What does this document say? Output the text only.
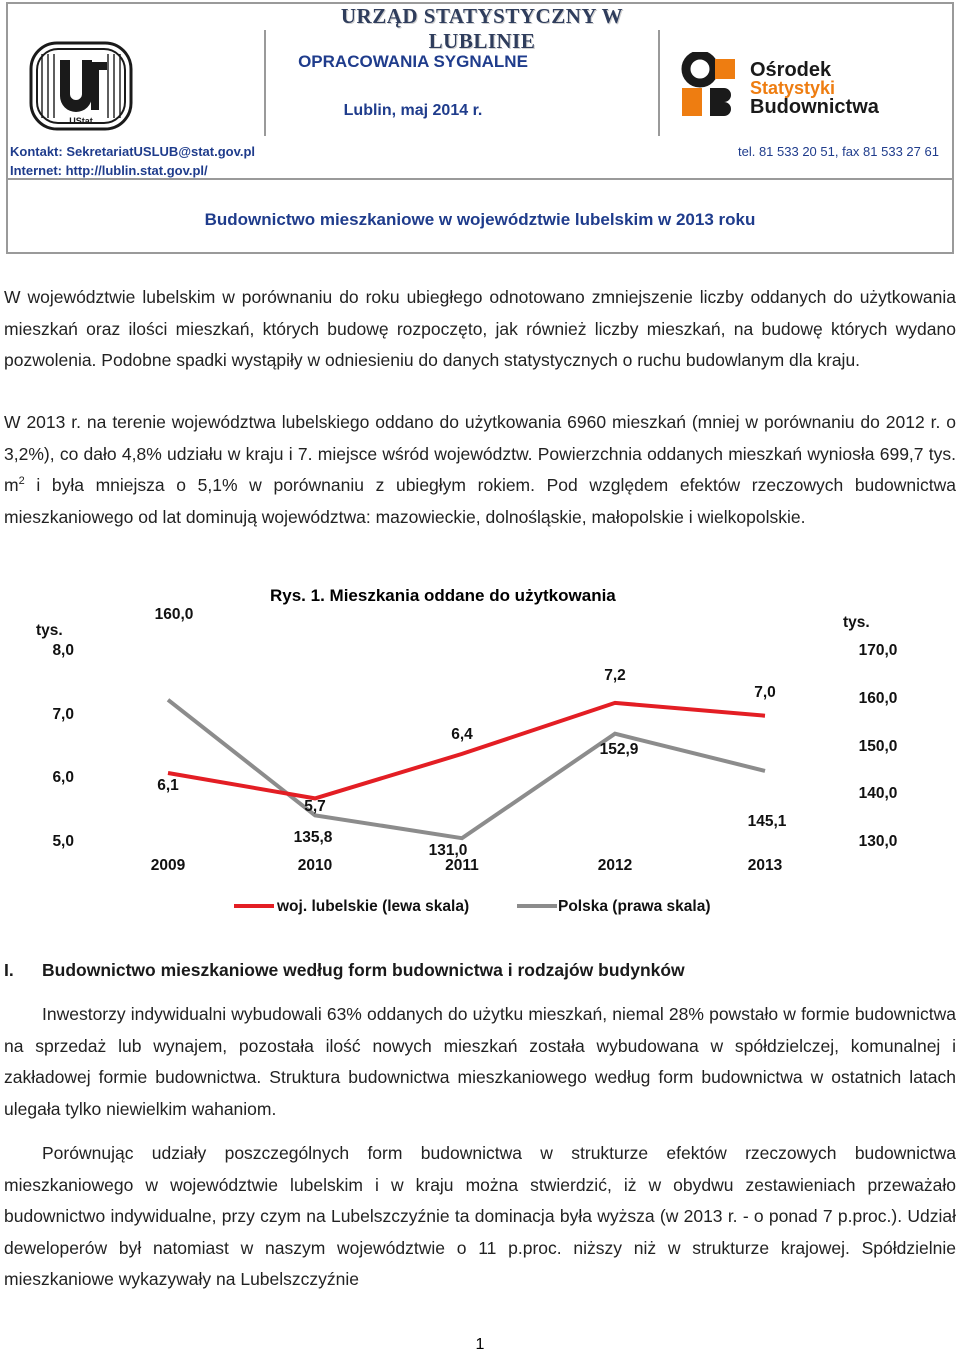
URZĄD STATYSTYCZNY W LUBLINIE
UStat
OPRACOWANIA SYGNALNE
Lublin, maj 2014 r.
Ośrodek
Statystyki
Budownictwa
Kontakt: SekretariatUSLUB@stat.gov.pl
Internet: http://lublin.stat.gov.pl/
tel. 81 533 20 51, fax 81 533 27 61
Budownictwo mieszkaniowe w województwie lubelskim w 2013 roku
W województwie lubelskim w porównaniu do roku ubiegłego odnotowano zmniejszenie liczby oddanych do użytkowania mieszkań oraz ilości mieszkań, których budowę rozpoczęto, jak również liczby mieszkań, na budowę których wydano pozwolenia. Podobne spadki wystąpiły w odniesieniu do danych statystycznych o ruchu budowlanym dla kraju.
W 2013 r. na terenie województwa lubelskiego oddano do użytkowania 6960 mieszkań (mniej w porównaniu do 2012 r. o 3,2%), co dało 4,8% udziału w kraju i 7. miejsce wśród województw. Powierzchnia oddanych mieszkań wyniosła 699,7 tys. $m^2$ i była mniejsza o 5,1% w porównaniu z ubiegłym rokiem. Pod względem efektów rzeczowych budownictwa mieszkaniowego od lat dominują województwa: mazowieckie, dolnośląskie, małopolskie i wielkopolskie.
Rys. 1. Mieszkania oddane do użytkowania
tys.	tys.
8,0
7,0
6,0
5,0
170,0
160,0
150,0
140,0
130,0
2009	2010	2011	2012	2013
6,1
5,7
6,4
7,2
7,0
160,0
135,8
131,0
152,9
145,1
woj. lubelskie (lewa skala)	Polska (prawa skala)
I. Budownictwo mieszkaniowe według form budownictwa i rodzajów budynków
Inwestorzy indywidualni wybudowali 63% oddanych do użytku mieszkań, niemal 28% powstało w formie budownictwa na sprzedaż lub wynajem, pozostała ilość nowych mieszkań została wybudowana w spółdzielczej, komunalnej i zakładowej formie budownictwa. Struktura budownictwa mieszkaniowego według form budownictwa w ostatnich latach ulegała tylko niewielkim wahaniom.
Porównując udziały poszczególnych form budownictwa w strukturze efektów rzeczowych budownictwa mieszkaniowego w województwie lubelskim i w kraju można stwierdzić, iż w obydwu zestawieniach przeważało budownictwo indywidualne, przy czym na Lubelszczyźnie ta dominacja była wyższa (w 2013 r. - o ponad 7 p.proc.). Udział deweloperów był natomiast w naszym województwie o 11 p.proc. niższy niż w strukturze krajowej. Spółdzielnie mieszkaniowe wykazywały na Lubelszczyźnie
1
